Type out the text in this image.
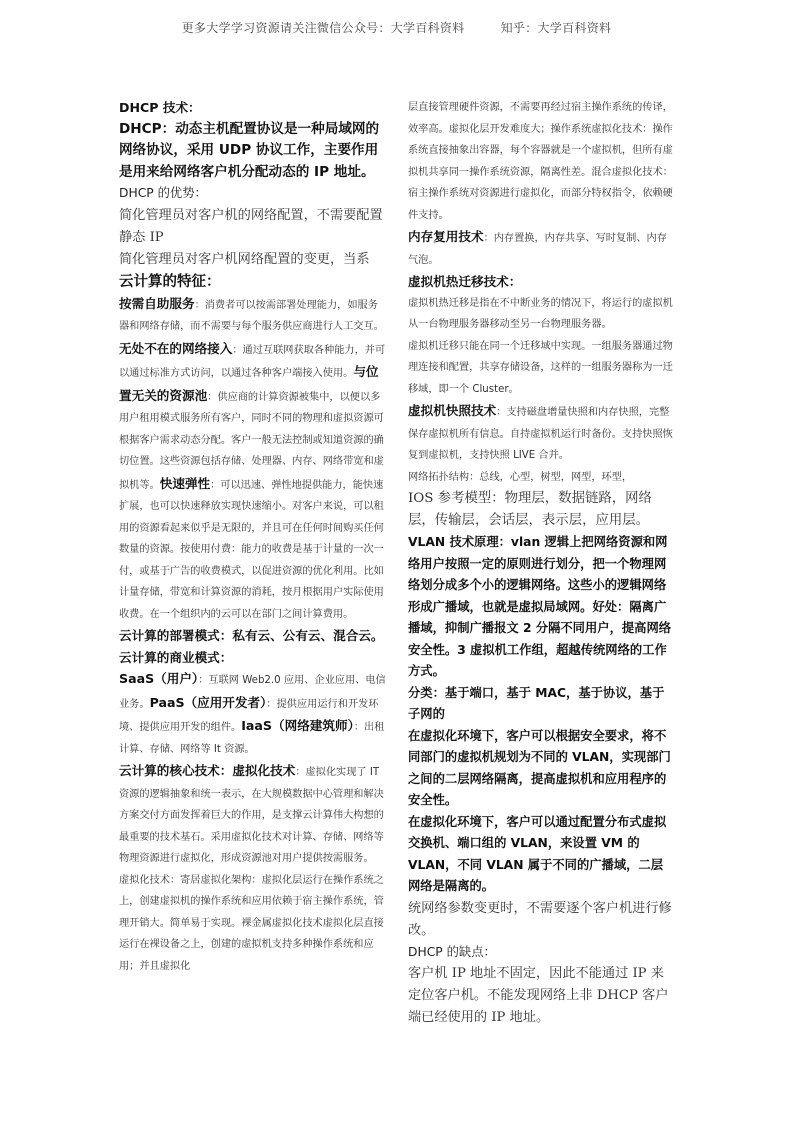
更多大学学习资源请关注微信公众号：大学百科资料	知乎：大学百科资料

DHCP 技术：

DHCP：动态主机配置协议是一种局域网的网络协议，采用 UDP 协议工作，主要作用是用来给网络客户机分配动态的 IP 地址。

DHCP 的优势：

简化管理员对客户机的网络配置，不需要配置静态 IP

简化管理员对客户机网络配置的变更，当系

云计算的特征：

按需自助服务：消费者可以按需部署处理能力，如服务器和网络存储，而不需要与每个服务供应商进行人工交互。无处不在的网络接入：通过互联网获取各种能力，并可以通过标准方式访问，以通过各种客户端接入使用。与位置无关的资源池：供应商的计算资源被集中，以便以多用户租用模式服务所有客户，同时不同的物理和虚拟资源可根据客户需求动态分配。客户一般无法控制或知道资源的确切位置。这些资源包括存储、处理器、内存、网络带宽和虚拟机等。快速弹性：可以迅速、弹性地提供能力，能快速扩展，也可以快速释放实现快速缩小。对客户来说，可以租用的资源看起来似乎是无限的，并且可在任何时间购买任何数量的资源。按使用付费：能力的收费是基于计量的一次一付，或基于广告的收费模式，以促进资源的优化利用。比如计量存储，带宽和计算资源的消耗，按月根据用户实际使用收费。在一个组织内的云可以在部门之间计算费用。

云计算的部署模式：私有云、公有云、混合云。

云计算的商业模式：

SaaS（用户）：互联网 Web2.0 应用、企业应用、电信业务。PaaS（应用开发者）：提供应用运行和开发环境、提供应用开发的组件。IaaS（网络建筑师）：出租计算、存储、网络等 It 资源。

云计算的核心技术：虚拟化技术：虚拟化实现了 IT 资源的逻辑抽象和统一表示，在大规模数据中心管理和解决方案交付方面发挥着巨大的作用，是支撑云计算伟大构想的最重要的技术基石。采用虚拟化技术对计算、存储、网络等物理资源进行虚拟化，形成资源池对用户提供按需服务。

虚拟化技术：寄居虚拟化架构：虚拟化层运行在操作系统之上，创建虚拟机的操作系统和应用依赖于宿主操作系统，管理开销大。简单易于实现。裸金属虚拟化技术虚拟化层直接运行在裸设备之上，创建的虚拟机支持多种操作系统和应用；并且虚拟化

层直接管理硬件资源，不需要再经过宿主操作系统的传译，效率高。虚拟化层开发难度大；操作系统虚拟化技术：操作系统直接抽象出容器，每个容器就是一个虚拟机，但所有虚拟机共享同一操作系统资源，隔离性差。混合虚拟化技术：宿主操作系统对资源进行虚拟化，而部分特权指令，依赖硬件支持。

内存复用技术：内存置换，内存共享、写时复制、内存气泡。

虚拟机热迁移技术：

虚拟机热迁移是指在不中断业务的情况下，将运行的虚拟机从一台物理服务器移动至另一台物理服务器。

虚拟机迁移只能在同一个迁移域中实现。一组服务器通过物理连接和配置，共享存储设备，这样的一组服务器称为一迁移域，即一个 Cluster。

虚拟机快照技术：支持磁盘增量快照和内存快照，完整保存虚拟机所有信息。自持虚拟机运行时备份。支持快照恢复到虚拟机，支持快照 LIVE 合并。

网络拓扑结构：总线，心型，树型，网型，环型，

IOS 参考模型：物理层，数据链路，网络层，传输层，会话层，表示层，应用层。

VLAN 技术原理：vlan 逻辑上把网络资源和网络用户按照一定的原则进行划分，把一个物理网络划分成多个小的逻辑网络。这些小的逻辑网络形成广播域，也就是虚拟局域网。好处：隔离广播域，抑制广播报文 2 分隔不同用户，提高网络安全性。3 虚拟机工作组，超越传统网络的工作方式。

分类：基于端口，基于 MAC，基于协议，基于子网的

在虚拟化环境下，客户可以根据安全要求，将不同部门的虚拟机规划为不同的 VLAN，实现部门之间的二层网络隔离，提高虚拟机和应用程序的安全性。

在虚拟化环境下，客户可以通过配置分布式虚拟交换机、端口组的 VLAN，来设置 VM 的 VLAN，不同 VLAN 属于不同的广播域，二层网络是隔离的。

统网络参数变更时，不需要逐个客户机进行修改。

DHCP 的缺点：

客户机 IP 地址不固定，因此不能通过 IP 来定位客户机。不能发现网络上非 DHCP 客户端已经使用的 IP 地址。
